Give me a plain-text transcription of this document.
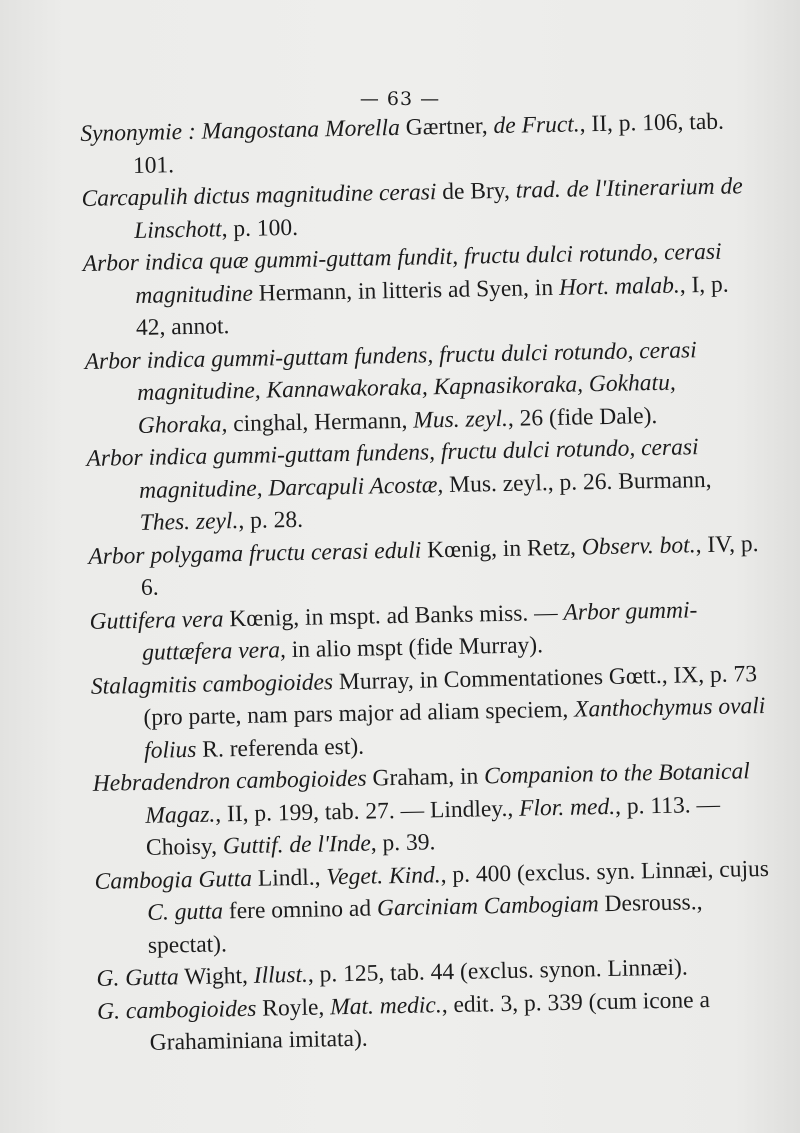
— 63 —

Synonymie : Mangostana Morella Gærtner, de Fruct., II, p. 106, tab. 101.

Carcapulih dictus magnitudine cerasi de Bry, trad. de l'Itinerarium de Linschott, p. 100.

Arbor indica quæ gummi-guttam fundit, fructu dulci rotundo, cerasi magnitudine Hermann, in litteris ad Syen, in Hort. malab., I, p. 42, annot.

Arbor indica gummi-guttam fundens, fructu dulci rotundo, cerasi magnitudine, Kannawakoraka, Kapnasikoraka, Gokhatu, Ghoraka, cinghal, Hermann, Mus. zeyl., 26 (fide Dale).

Arbor indica gummi-guttam fundens, fructu dulci rotundo, cerasi magnitudine, Darcapuli Acostæ, Mus. zeyl., p. 26. Burmann, Thes. zeyl., p. 28.

Arbor polygama fructu cerasi eduli Kœnig, in Retz, Observ. bot., IV, p. 6.

Guttifera vera Kœnig, in mspt. ad Banks miss. — Arbor gummi-guttæfera vera, in alio mspt (fide Murray).

Stalagmitis cambogioides Murray, in Commentationes Gœtt., IX, p. 73 (pro parte, nam pars major ad aliam speciem, Xanthochymus ovali folius R. referenda est).

Hebradendron cambogioides Graham, in Companion to the Botanical Magaz., II, p. 199, tab. 27. — Lindley., Flor. med., p. 113. — Choisy, Guttif. de l'Inde, p. 39.

Cambogia Gutta Lindl., Veget. Kind., p. 400 (exclus. syn. Linnæi, cujus C. gutta fere omnino ad Garciniam Cambogiam Desrouss., spectat).

G. Gutta Wight, Illust., p. 125, tab. 44 (exclus. synon. Linnæi).

G. cambogioides Royle, Mat. medic., edit. 3, p. 339 (cum icone a Grahaminiana imitata).
